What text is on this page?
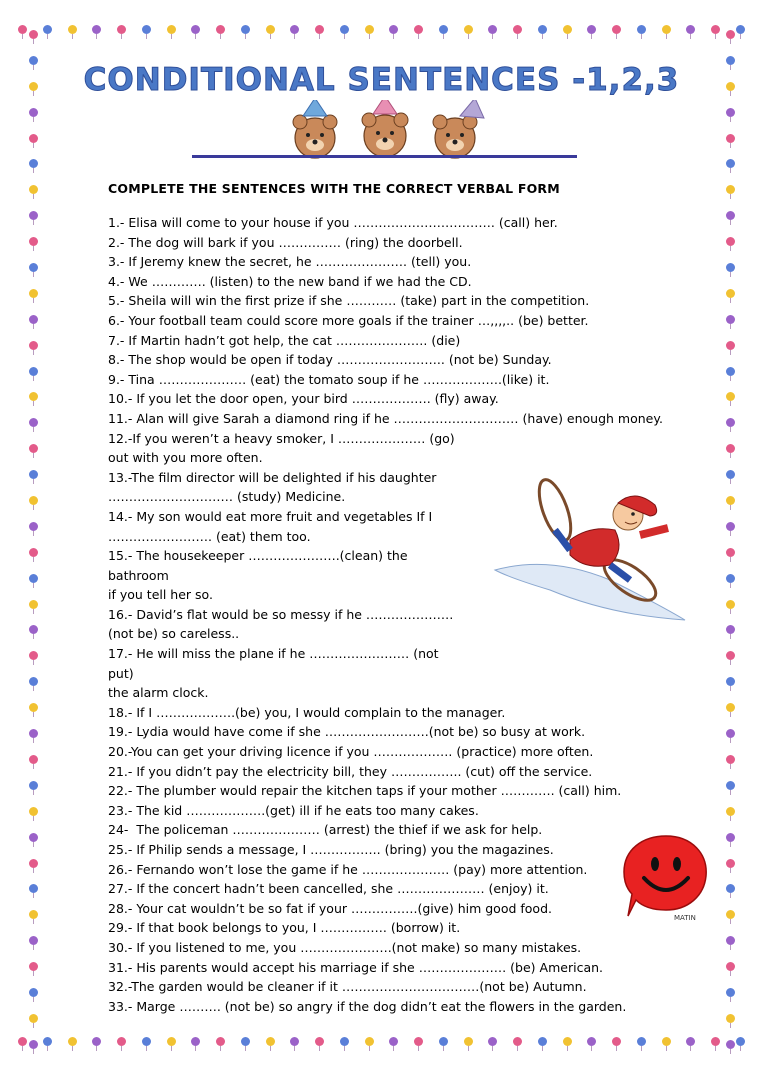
CONDITIONAL SENTENCES -1,2,3
COMPLETE THE SENTENCES WITH THE CORRECT VERBAL FORM
1.- Elisa will come to your house if you ……………………………. (call) her.
2.- The dog will bark if you …………… (ring) the doorbell.
3.- If Jeremy knew the secret, he …………………. (tell) you.
4.- We …………. (listen) to the new band if we had the CD.
5.- Sheila will win the first prize if she ………… (take) part in the competition.
6.- Your football team could score more goals if the trainer …,,,,.. (be) better.
7.- If Martin hadn’t got help, the cat …………………. (die)
8.- The shop would be open if today …………………….. (not be) Sunday.
9.- Tina ………………… (eat) the tomato soup if he ……………….(like) it.
10.- If you let the door open, your bird ………………. (fly) away.
11.- Alan will give Sarah a diamond ring if he ………………………… (have) enough money.
12.-If you weren’t a heavy smoker, I ………………… (go)
out with you more often.
13.-The film director will be delighted if his daughter
………………………… (study) Medicine.
14.- My son would eat more fruit and vegetables If I
……………………. (eat) them too.
15.- The housekeeper ………………….(clean) the bathroom
if you tell her so.
16.- David’s flat would be so messy if he …………………
(not be) so careless..
17.- He will miss the plane if he …………………… (not put)
the alarm clock.
18.- If I ……………….(be) you, I would complain to the manager.
19.- Lydia would have come if she …………………….(not be) so busy at work.
20.-You can get your driving licence if you ………………. (practice) more often.
21.- If you didn’t pay the electricity bill, they …………….. (cut) off the service.
22.- The plumber would repair the kitchen taps if your mother …………. (call) him.
23.- The kid ……………….(get) ill if he eats too many cakes.
24-  The policeman ………………… (arrest) the thief if we ask for help.
25.- If Philip sends a message, I …………….. (bring) you the magazines.
26.- Fernando won’t lose the game if he ………………… (pay) more attention.
27.- If the concert hadn’t been cancelled, she ………………… (enjoy) it.
28.- Your cat wouldn’t be so fat if your …………….(give) him good food.
29.- If that book belongs to you, I ……………. (borrow) it.
30.- If you listened to me, you ………………….(not make) so many mistakes.
31.- His parents would accept his marriage if she ………………… (be) American.
32.-The garden would be cleaner if it ……………………………(not be) Autumn.
33.- Marge ………. (not be) so angry if the dog didn’t eat the flowers in the garden.
MATIN
